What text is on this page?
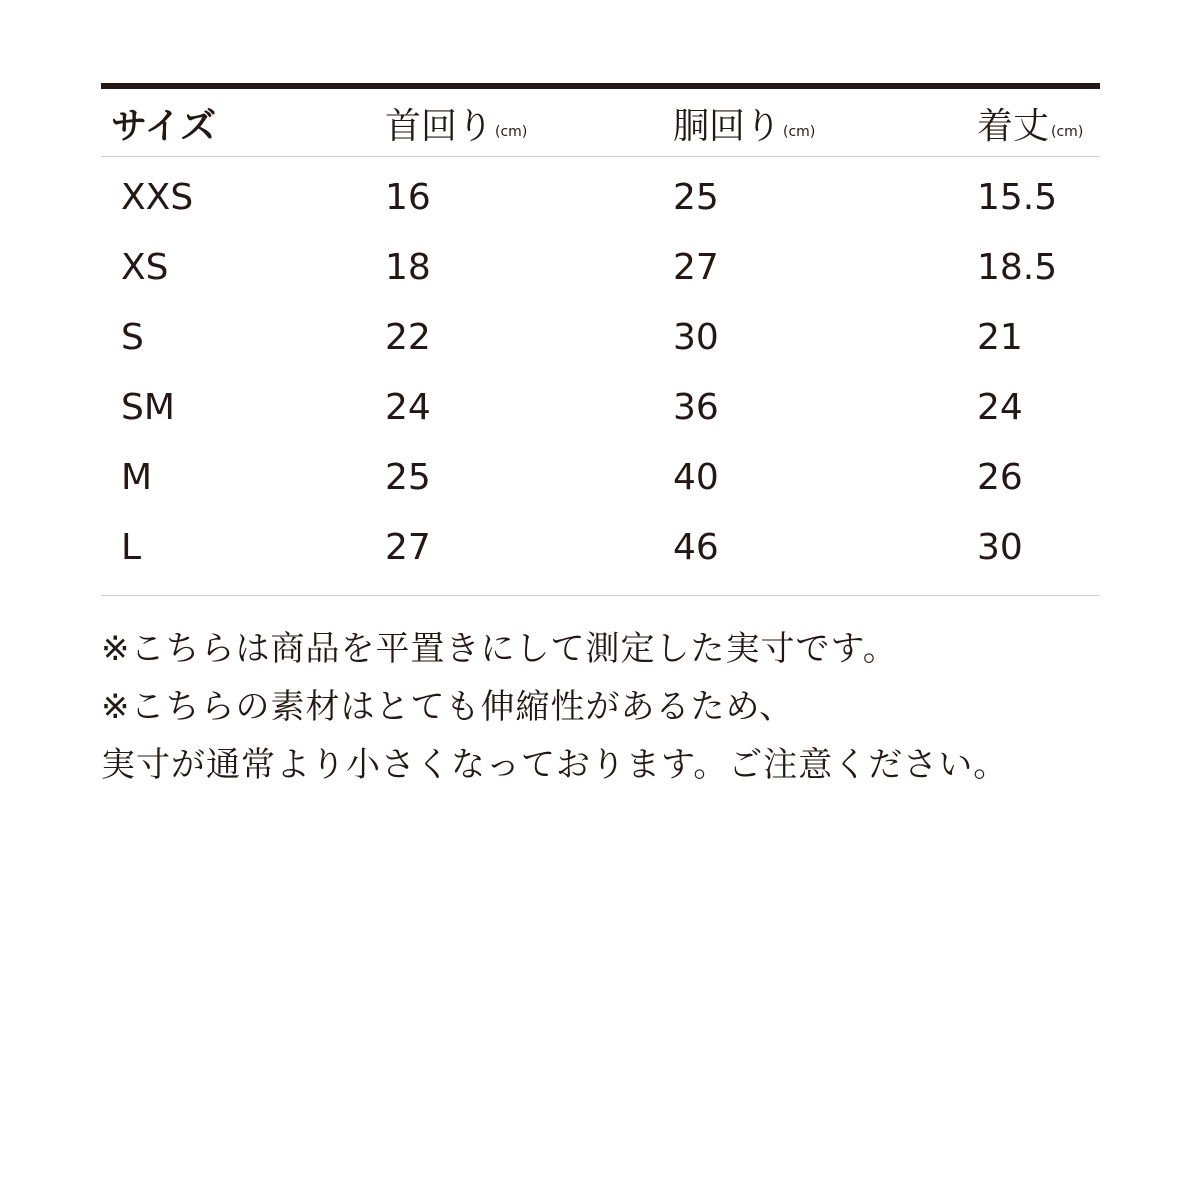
サイズ	首回り (cm)	胴回り (cm)	着丈 (cm)
XXS	16	25	15.5
XS	18	27	18.5
S	22	30	21
SM	24	36	24
M	25	40	26
L	27	46	30
※こちらは商品を平置きにして測定した実寸です。
※こちらの素材はとても伸縮性があるため、
実寸が通常より小さくなっております。ご注意ください。
